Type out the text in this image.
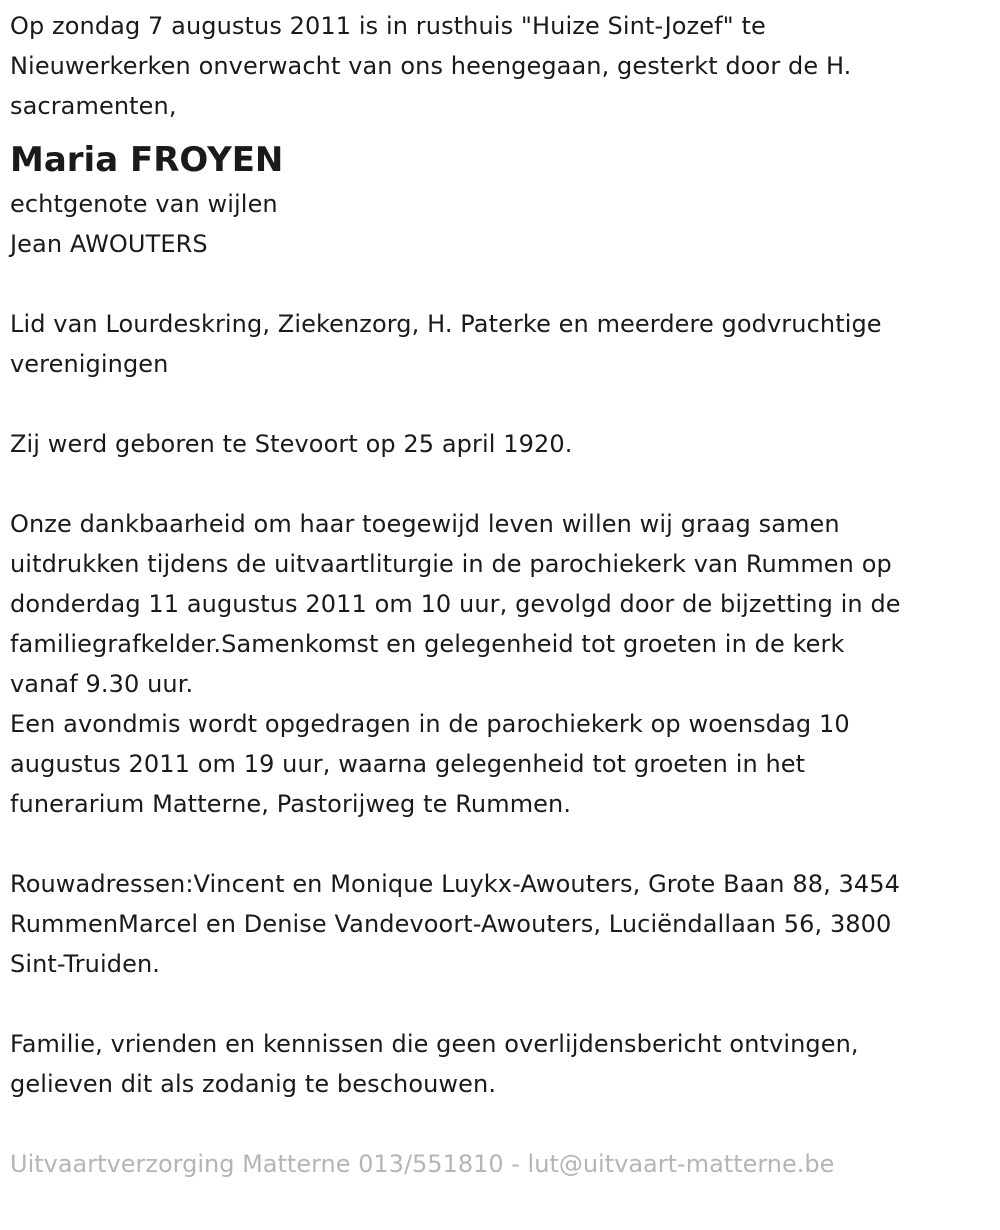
Op zondag 7 augustus 2011 is in rusthuis "Huize Sint-Jozef" te

Nieuwerkerken onverwacht van ons heengegaan, gesterkt door de H.

sacramenten,

Maria FROYEN

echtgenote van wijlen

Jean AWOUTERS

Lid van Lourdeskring, Ziekenzorg, H. Paterke en meerdere godvruchtige

verenigingen

Zij werd geboren te Stevoort op 25 april 1920.

Onze dankbaarheid om haar toegewijd leven willen wij graag samen

uitdrukken tijdens de uitvaartliturgie in de parochiekerk van Rummen op

donderdag 11 augustus 2011 om 10 uur, gevolgd door de bijzetting in de

familiegrafkelder.Samenkomst en gelegenheid tot groeten in de kerk

vanaf 9.30 uur.

Een avondmis wordt opgedragen in de parochiekerk op woensdag 10

augustus 2011 om 19 uur, waarna gelegenheid tot groeten in het

funerarium Matterne, Pastorijweg te Rummen.

Rouwadressen:Vincent en Monique Luykx-Awouters, Grote Baan 88, 3454

RummenMarcel en Denise Vandevoort-Awouters, Luciëndallaan 56, 3800

Sint-Truiden.

Familie, vrienden en kennissen die geen overlijdensbericht ontvingen,

gelieven dit als zodanig te beschouwen.

Uitvaartverzorging Matterne 013/551810 - lut@uitvaart-matterne.be
